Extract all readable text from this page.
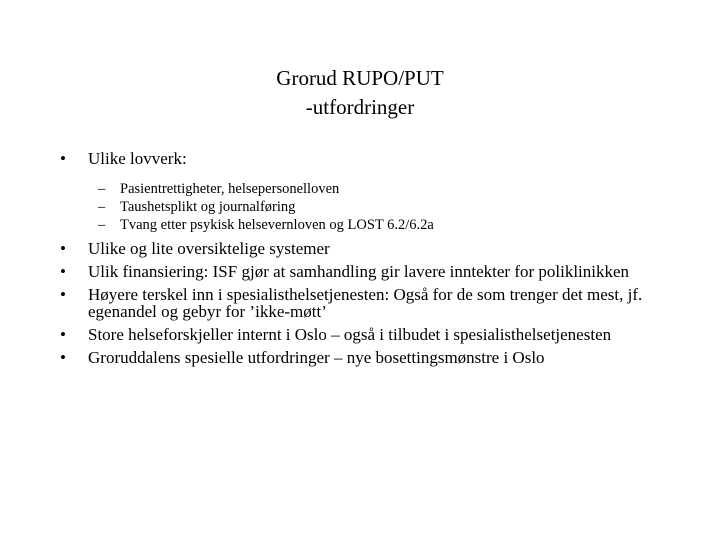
Grorud RUPO/PUT
-utfordringer
•	Ulike lovverk:
– Pasientrettigheter, helsepersonelloven
– Taushetsplikt og journalføring
– Tvang etter psykisk helsevernloven og LOST 6.2/6.2a
•	Ulike og lite oversiktelige systemer
•	Ulik finansiering: ISF gjør at samhandling gir lavere inntekter for poliklinikken
•	Høyere terskel inn i spesialisthelsetjenesten: Også for de som trenger det mest, jf. egenandel og gebyr for ’ikke-møtt’
•	Store helseforskjeller internt i Oslo – også i tilbudet i spesialisthelsetjenesten
•	Groruddalens spesielle utfordringer – nye bosettingsmønstre i Oslo
